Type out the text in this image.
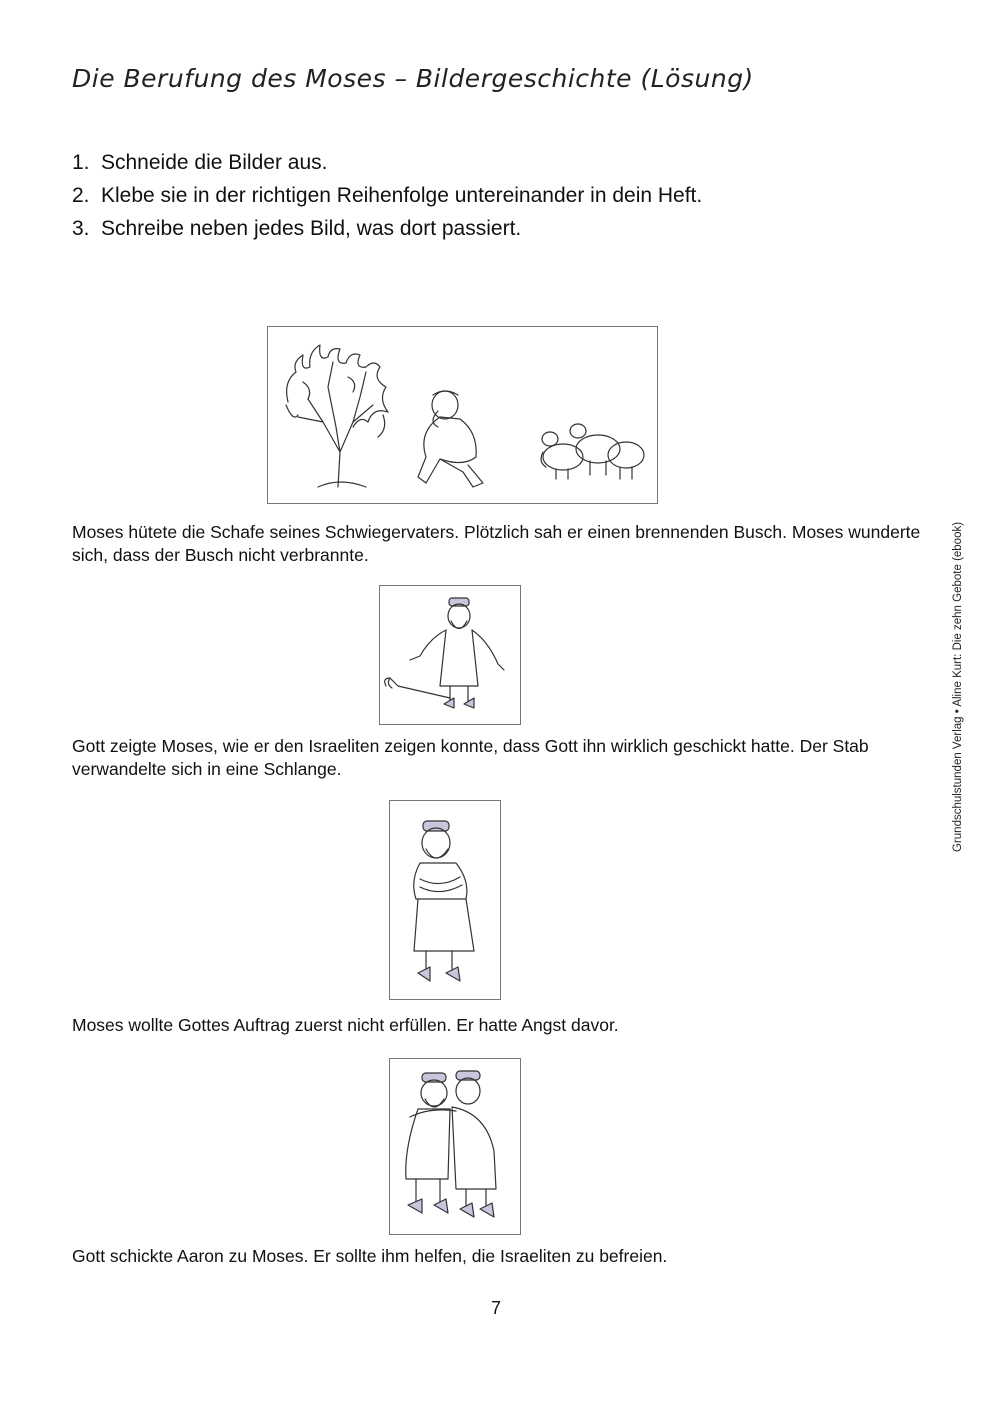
Die Berufung des Moses – Bildergeschichte (Lösung)
1. Schneide die Bilder aus.
2. Klebe sie in der richtigen Reihenfolge untereinander in dein Heft.
3. Schreibe neben jedes Bild, was dort passiert.
Moses hütete die Schafe seines Schwiegervaters. Plötzlich sah er einen brennenden Busch. Moses wunderte sich, dass der Busch nicht verbrannte.
Gott zeigte Moses, wie er den Israeliten zeigen konnte, dass Gott ihn wirklich geschickt hatte. Der Stab verwandelte sich in eine Schlange.
Moses wollte Gottes Auftrag zuerst nicht erfüllen. Er hatte Angst davor.
Gott schickte Aaron zu Moses. Er sollte ihm helfen, die Israeliten zu befreien.
Grundschulstunden Verlag • Aline Kurt: Die zehn Gebote (ebook)
7
